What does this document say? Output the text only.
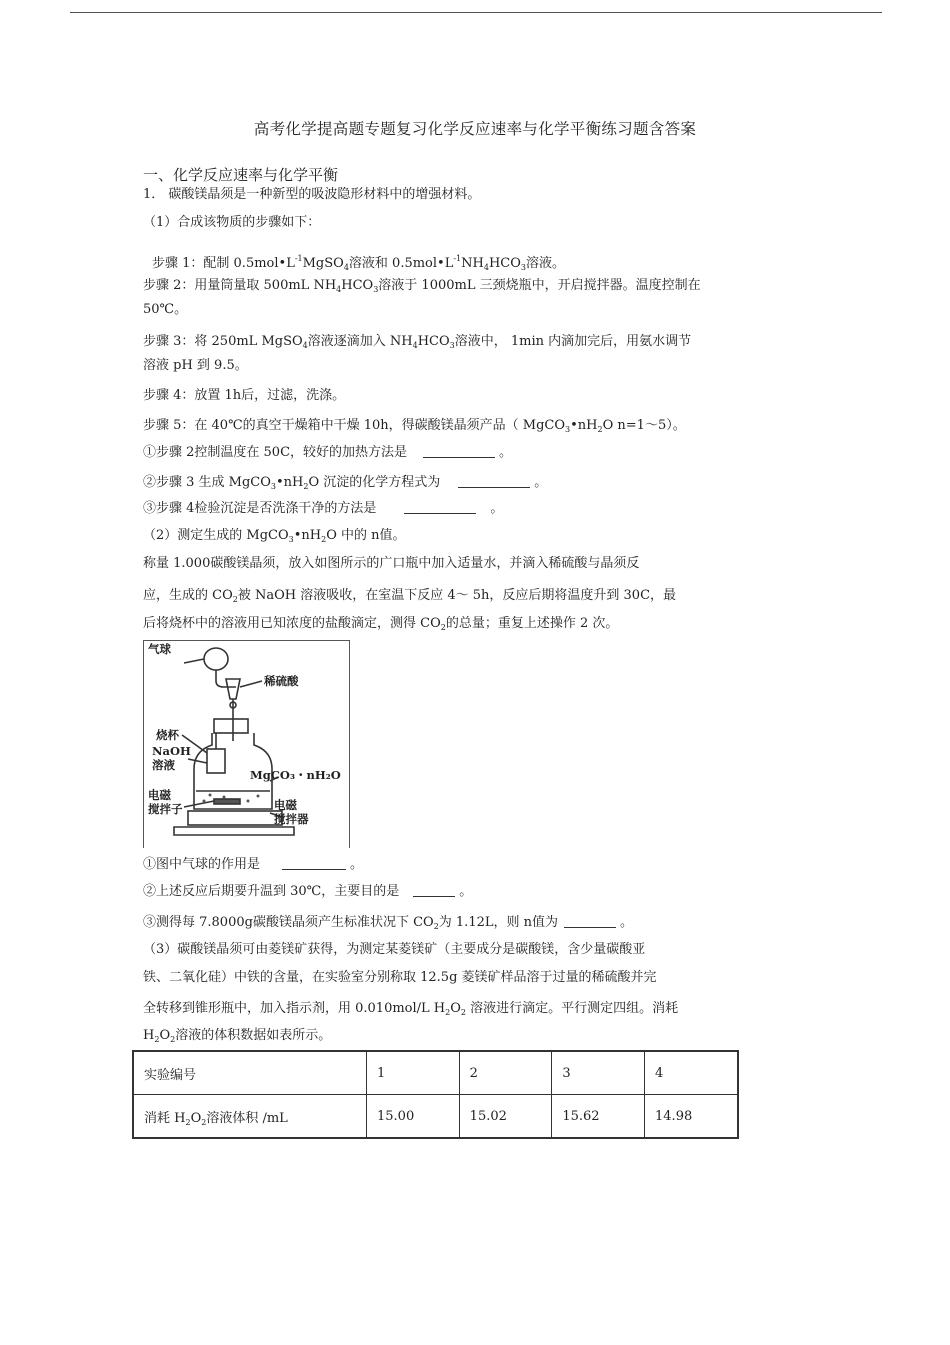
高考化学提高题专题复习化学反应速率与化学平衡练习题含答案
一、化学反应速率与化学平衡
1． 碳酸镁晶须是一种新型的吸波隐形材料中的增强材料。
（1）合成该物质的步骤如下：
步骤 1：配制 $0.5mol•L^{-1}MgSO_4$溶液和 $0.5mol•L^{-1}NH_4HCO_3$溶液。
步骤 2：用量筒量取 500mL $NH_4HCO_3$溶液于 1000mL 三颈烧瓶中，开启搅拌器。温度控制在
50℃。
步骤 3：将 250mL MgSO$_4$溶液逐滴加入 $NH_4HCO_3$溶液中， 1min 内滴加完后，用氨水调节
溶液 pH 到 9.5。
步骤 4：放置 1h后，过滤，洗涤。
步骤 5：在 40℃的真空干燥箱中干燥 10h，得碳酸镁晶须产品（ $MgCO_3•nH_2O$ n=1～5）。
①步骤 2控制温度在 50C，较好的加热方法是	。
②步骤 3 生成 $MgCO_3•nH_2O$ 沉淀的化学方程式为	。
③步骤 4检验沉淀是否洗涤干净的方法是	。
（2）测定生成的 $MgCO_3•nH_2O$ 中的 n值。
称量 1.000碳酸镁晶须，放入如图所示的广口瓶中加入适量水，并滴入稀硫酸与晶须反
应，生成的 $CO_2$被 NaOH 溶液吸收，在室温下反应 4～ 5h，反应后期将温度升到 30C，最
后将烧杯中的溶液用已知浓度的盐酸滴定，测得 $CO_2$的总量；重复上述操作 2 次。
气球
稀硫酸
烧杯
NaOH
溶液
MgCO₃・nH₂O
电磁
搅拌子	电磁
搅拌器
①图中气球的作用是	。
②上述反应后期要升温到 30℃，主要目的是	。
③测得每 7.8000g碳酸镁晶须产生标准状况下 $CO_2$为 1.12L，则 n值为	。
（3）碳酸镁晶须可由菱镁矿获得，为测定某菱镁矿（主要成分是碳酸镁，含少量碳酸亚
铁、二氧化硅）中铁的含量，在实验室分别称取 12.5g 菱镁矿样品溶于过量的稀硫酸并完
全转移到锥形瓶中，加入指示剂，用 0.010mol/L $H_2O_2$ 溶液进行滴定。平行测定四组。消耗
$H_2O_2$溶液的体积数据如表所示。
实验编号	1	2	3	4
消耗 $H_2O_2$溶液体积 /mL	15.00	15.02	15.62	14.98
